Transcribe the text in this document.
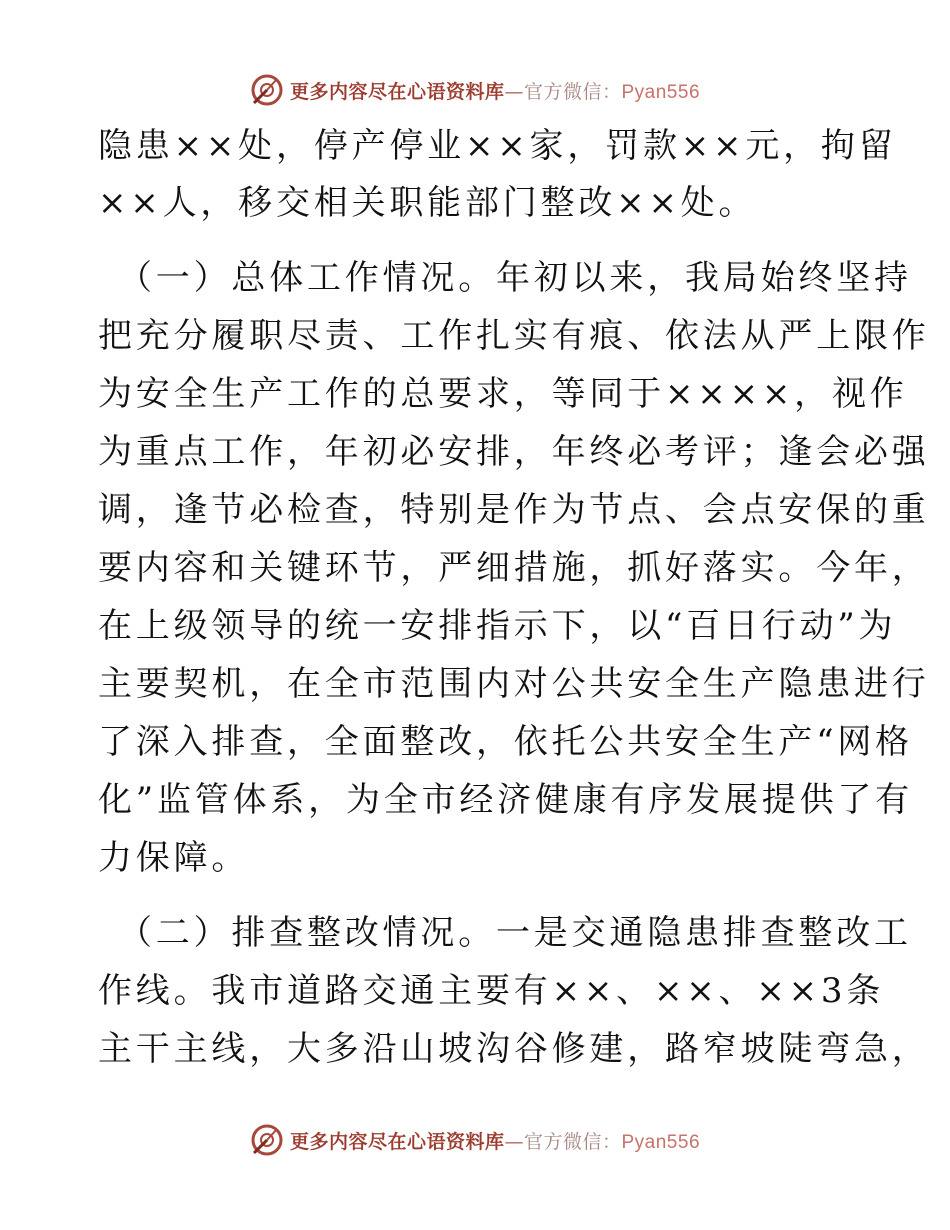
更多内容尽在心语资料库—官方微信：Pyan556
隐患××处，停产停业××家，罚款××元，拘留
××人，移交相关职能部门整改××处。
（一）总体工作情况。年初以来，我局始终坚持
把充分履职尽责、工作扎实有痕、依法从严上限作
为安全生产工作的总要求，等同于××××，视作
为重点工作，年初必安排，年终必考评；逢会必强
调，逢节必检查，特别是作为节点、会点安保的重
要内容和关键环节，严细措施，抓好落实。今年，
在上级领导的统一安排指示下，以“百日行动”为
主要契机，在全市范围内对公共安全生产隐患进行
了深入排查，全面整改，依托公共安全生产“网格
化”监管体系，为全市经济健康有序发展提供了有
力保障。
（二）排查整改情况。一是交通隐患排查整改工
作线。我市道路交通主要有××、××、××3条
主干主线，大多沿山坡沟谷修建，路窄坡陡弯急，
更多内容尽在心语资料库—官方微信：Pyan556
